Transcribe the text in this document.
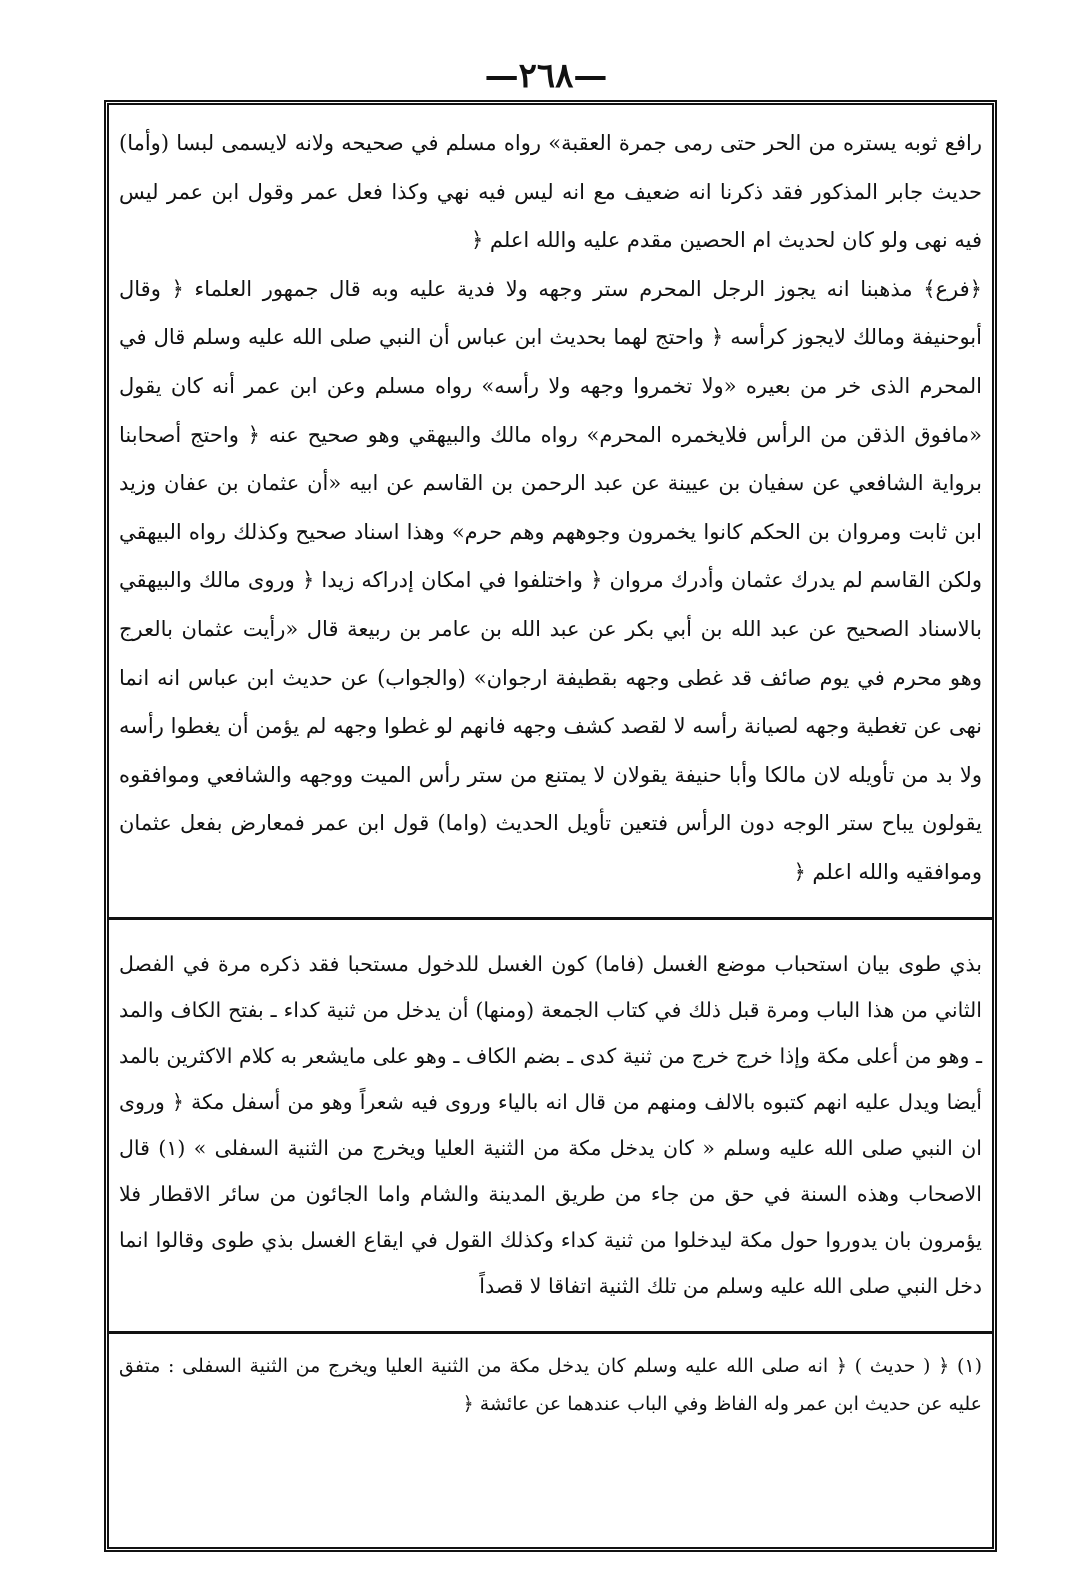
—٢٦٨—

رافع ثوبه يستره من الحر حتى رمى جمرة العقبة» رواه مسلم في صحيحه ولانه لايسمى لبسا (وأما) حديث جابر المذكور فقد ذكرنا انه ضعيف مع انه ليس فيه نهي وكذا فعل عمر وقول ابن عمر ليس فيه نهى ولو كان لحديث ام الحصين مقدم عليه والله اعلم ﴿

﴿فرع﴾ مذهبنا انه يجوز الرجل المحرم ستر وجهه ولا فدية عليه وبه قال جمهور العلماء ﴿ وقال أبوحنيفة ومالك لايجوز كرأسه ﴿ واحتج لهما بحديث ابن عباس أن النبي صلى الله عليه وسلم قال في المحرم الذى خر من بعيره «ولا تخمروا وجهه ولا رأسه» رواه مسلم وعن ابن عمر أنه كان يقول «مافوق الذقن من الرأس فلايخمره المحرم» رواه مالك والبيهقي وهو صحيح عنه ﴿ واحتج أصحابنا برواية الشافعي عن سفيان بن عيينة عن عبد الرحمن بن القاسم عن ابيه «أن عثمان بن عفان وزيد ابن ثابت ومروان بن الحكم كانوا يخمرون وجوههم وهم حرم» وهذا اسناد صحيح وكذلك رواه البيهقي ولكن القاسم لم يدرك عثمان وأدرك مروان ﴿ واختلفوا في امكان إدراكه زيدا ﴿ وروى مالك والبيهقي بالاسناد الصحيح عن عبد الله بن أبي بكر عن عبد الله بن عامر بن ربيعة قال «رأيت عثمان بالعرج وهو محرم في يوم صائف قد غطى وجهه بقطيفة ارجوان» (والجواب) عن حديث ابن عباس انه انما نهى عن تغطية وجهه لصيانة رأسه لا لقصد كشف وجهه فانهم لو غطوا وجهه لم يؤمن أن يغطوا رأسه ولا بد من تأويله لان مالكا وأبا حنيفة يقولان لا يمتنع من ستر رأس الميت ووجهه والشافعي وموافقوه يقولون يباح ستر الوجه دون الرأس فتعين تأويل الحديث (واما) قول ابن عمر فمعارض بفعل عثمان وموافقيه والله اعلم ﴿

بذي طوى بيان استحباب موضع الغسل (فاما) كون الغسل للدخول مستحبا فقد ذكره مرة في الفصل الثاني من هذا الباب ومرة قبل ذلك في كتاب الجمعة (ومنها) أن يدخل من ثنية كداء ـ بفتح الكاف والمد ـ وهو من أعلى مكة وإذا خرج خرج من ثنية كدى ـ بضم الكاف ـ وهو على مايشعر به كلام الاكثرين بالمد أيضا ويدل عليه انهم كتبوه بالالف ومنهم من قال انه بالياء وروى فيه شعراً وهو من أسفل مكة ﴿ وروى ان النبي صلى الله عليه وسلم « كان يدخل مكة من الثنية العليا ويخرج من الثنية السفلى » (١) قال الاصحاب وهذه السنة في حق من جاء من طريق المدينة والشام واما الجائون من سائر الاقطار فلا يؤمرون بان يدوروا حول مكة ليدخلوا من ثنية كداء وكذلك القول في ايقاع الغسل بذي طوى وقالوا انما دخل النبي صلى الله عليه وسلم من تلك الثنية اتفاقا لا قصداً

(١) ﴿ ( حديث ) ﴿ انه صلى الله عليه وسلم كان يدخل مكة من الثنية العليا ويخرج من الثنية السفلى : متفق عليه عن حديث ابن عمر وله الفاظ وفي الباب عندهما عن عائشة ﴿
